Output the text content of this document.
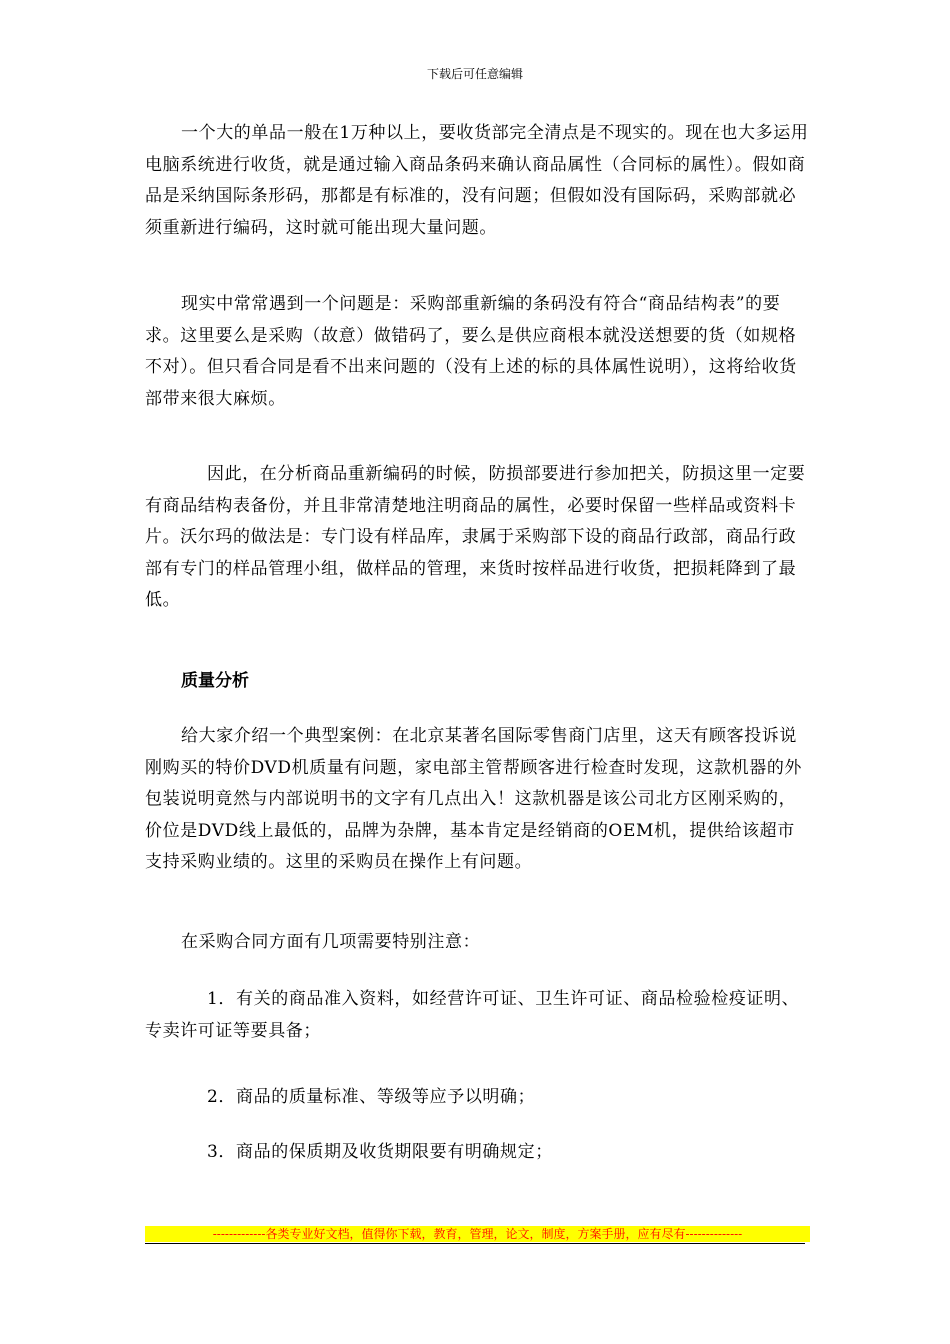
下载后可任意编辑

一个大的单品一般在1万种以上，要收货部完全清点是不现实的。现在也大多运用电脑系统进行收货，就是通过输入商品条码来确认商品属性（合同标的属性）。假如商品是采纳国际条形码，那都是有标准的，没有问题；但假如没有国际码，采购部就必须重新进行编码，这时就可能出现大量问题。

现实中常常遇到一个问题是：采购部重新编的条码没有符合“商品结构表”的要求。这里要么是采购（故意）做错码了，要么是供应商根本就没送想要的货（如规格不对）。但只看合同是看不出来问题的（没有上述的标的具体属性说明），这将给收货部带来很大麻烦。

因此，在分析商品重新编码的时候，防损部要进行参加把关，防损这里一定要有商品结构表备份，并且非常清楚地注明商品的属性，必要时保留一些样品或资料卡片。沃尔玛的做法是：专门设有样品库，隶属于采购部下设的商品行政部，商品行政部有专门的样品管理小组，做样品的管理，来货时按样品进行收货，把损耗降到了最低。

质量分析

给大家介绍一个典型案例：在北京某著名国际零售商门店里，这天有顾客投诉说刚购买的特价DVD机质量有问题，家电部主管帮顾客进行检查时发现，这款机器的外包装说明竟然与内部说明书的文字有几点出入！这款机器是该公司北方区刚采购的，价位是DVD线上最低的，品牌为杂牌，基本肯定是经销商的OEM机，提供给该超市支持采购业绩的。这里的采购员在操作上有问题。

在采购合同方面有几项需要特别注意：

1．有关的商品准入资料，如经营许可证、卫生许可证、商品检验检疫证明、专卖许可证等要具备；

2．商品的质量标准、等级等应予以明确；

3．商品的保质期及收货期限要有明确规定；

-------------各类专业好文档，值得你下载，教育，管理，论文，制度，方案手册，应有尽有--------------
